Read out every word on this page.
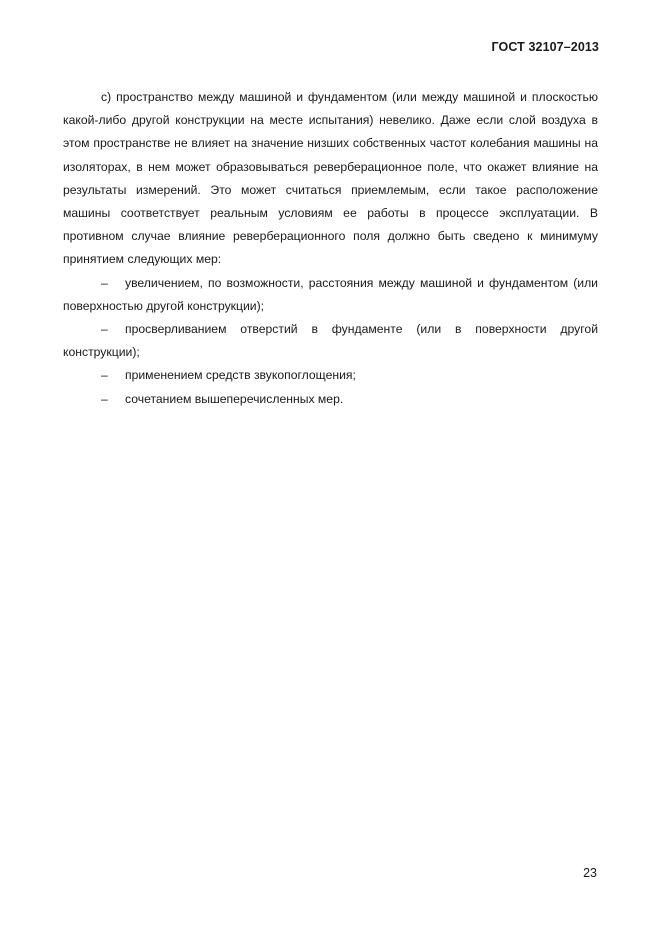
ГОСТ 32107–2013

с) пространство между машиной и фундаментом (или между машиной и плоскостью какой-либо другой конструкции на месте испытания) невелико. Даже если слой воздуха в этом пространстве не влияет на значение низших собственных частот колебания машины на изоляторах, в нем может образовываться реверберационное поле, что окажет влияние на результаты измерений. Это может считаться приемлемым, если такое расположение машины соответствует реальным условиям ее работы в процессе эксплуатации. В противном случае влияние реверберационного поля должно быть сведено к минимуму принятием следующих мер:

– увеличением, по возможности, расстояния между машиной и фундаментом (или поверхностью другой конструкции);

– просверливанием отверстий в фундаменте (или в поверхности другой конструкции);

– применением средств звукопоглощения;

– сочетанием вышеперечисленных мер.

23
